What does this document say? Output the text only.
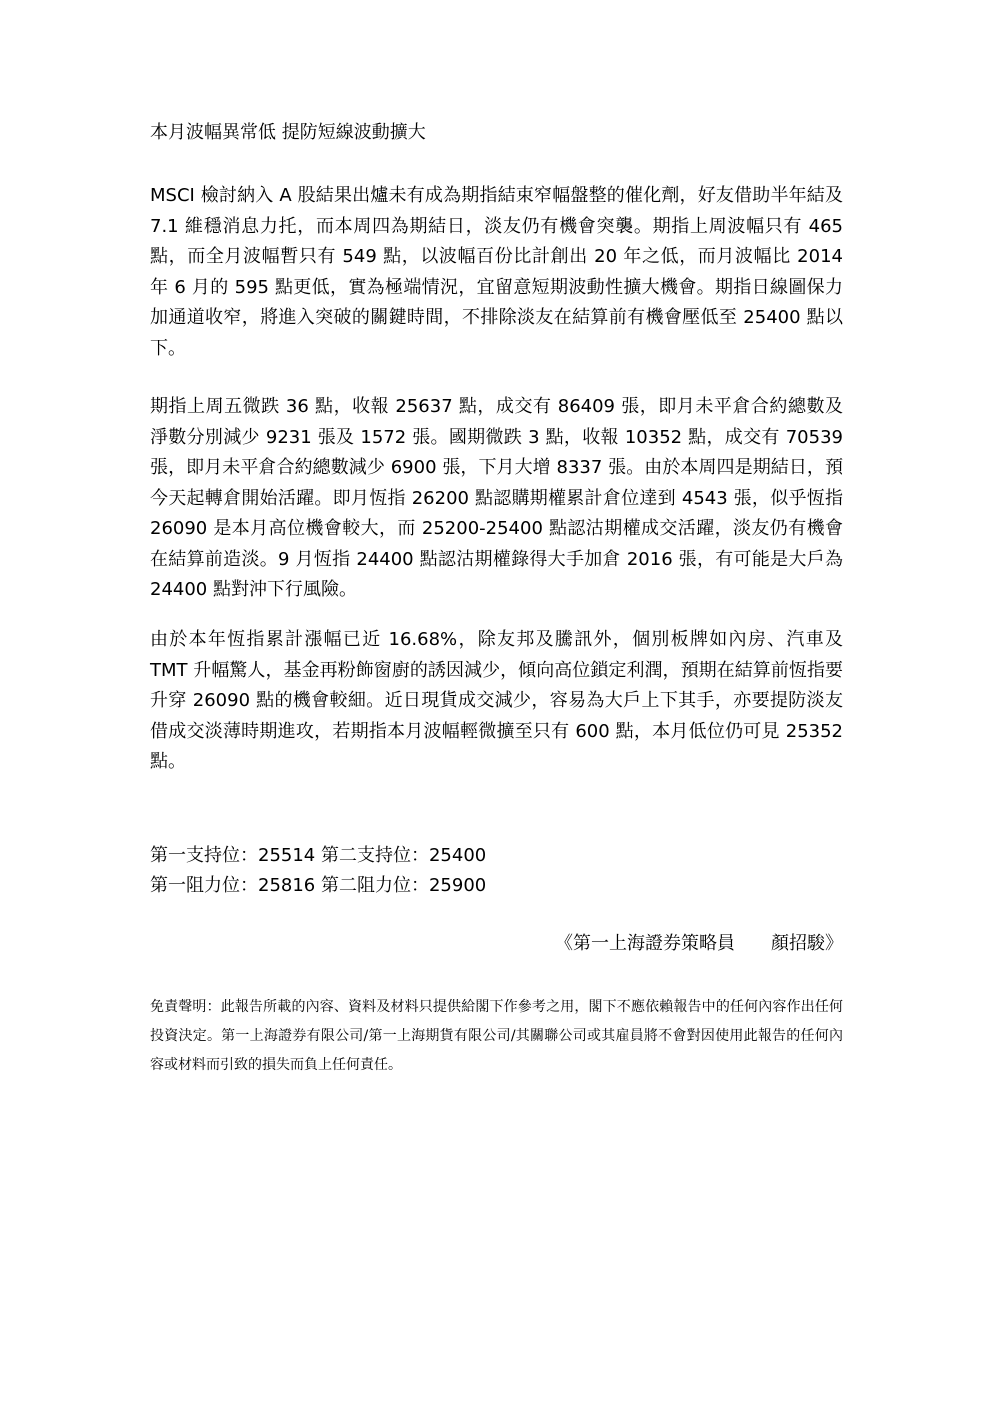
本月波幅異常低 提防短線波動擴大
MSCI 檢討納入 A 股結果出爐未有成為期指結束窄幅盤整的催化劑，好友借助半年結及 7.1 維穩消息力托，而本周四為期結日，淡友仍有機會突襲。期指上周波幅只有 465 點，而全月波幅暫只有 549 點，以波幅百份比計創出 20 年之低，而月波幅比 2014 年 6 月的 595 點更低，實為極端情況，宜留意短期波動性擴大機會。期指日線圖保力加通道收窄，將進入突破的關鍵時間，不排除淡友在結算前有機會壓低至 25400 點以下。
期指上周五微跌 36 點，收報 25637 點，成交有 86409 張，即月未平倉合約總數及淨數分別減少 9231 張及 1572 張。國期微跌 3 點，收報 10352 點，成交有 70539 張，即月未平倉合約總數減少 6900 張，下月大增 8337 張。由於本周四是期結日，預今天起轉倉開始活躍。即月恆指 26200 點認購期權累計倉位達到 4543 張，似乎恆指 26090 是本月高位機會較大，而 25200-25400 點認沽期權成交活躍，淡友仍有機會在結算前造淡。9 月恆指 24400 點認沽期權錄得大手加倉 2016 張，有可能是大戶為 24400 點對沖下行風險。
由於本年恆指累計漲幅已近 16.68%，除友邦及騰訊外，個別板牌如內房、汽車及 TMT 升幅驚人，基金再粉飾窗廚的誘因減少，傾向高位鎖定利潤，預期在結算前恆指要升穿 26090 點的機會較細。近日現貨成交減少，容易為大戶上下其手，亦要提防淡友借成交淡薄時期進攻，若期指本月波幅輕微擴至只有 600 點，本月低位仍可見 25352 點。
第一支持位：25514 第二支持位：25400
第一阻力位：25816 第二阻力位：25900
《第一上海證券策略員　　顏招駿》
免責聲明：此報告所載的內容、資料及材料只提供給閣下作參考之用，閣下不應依賴報告中的任何內容作出任何投資決定。第一上海證券有限公司/第一上海期貨有限公司/其關聯公司或其雇員將不會對因使用此報告的任何內容或材料而引致的損失而負上任何責任。
